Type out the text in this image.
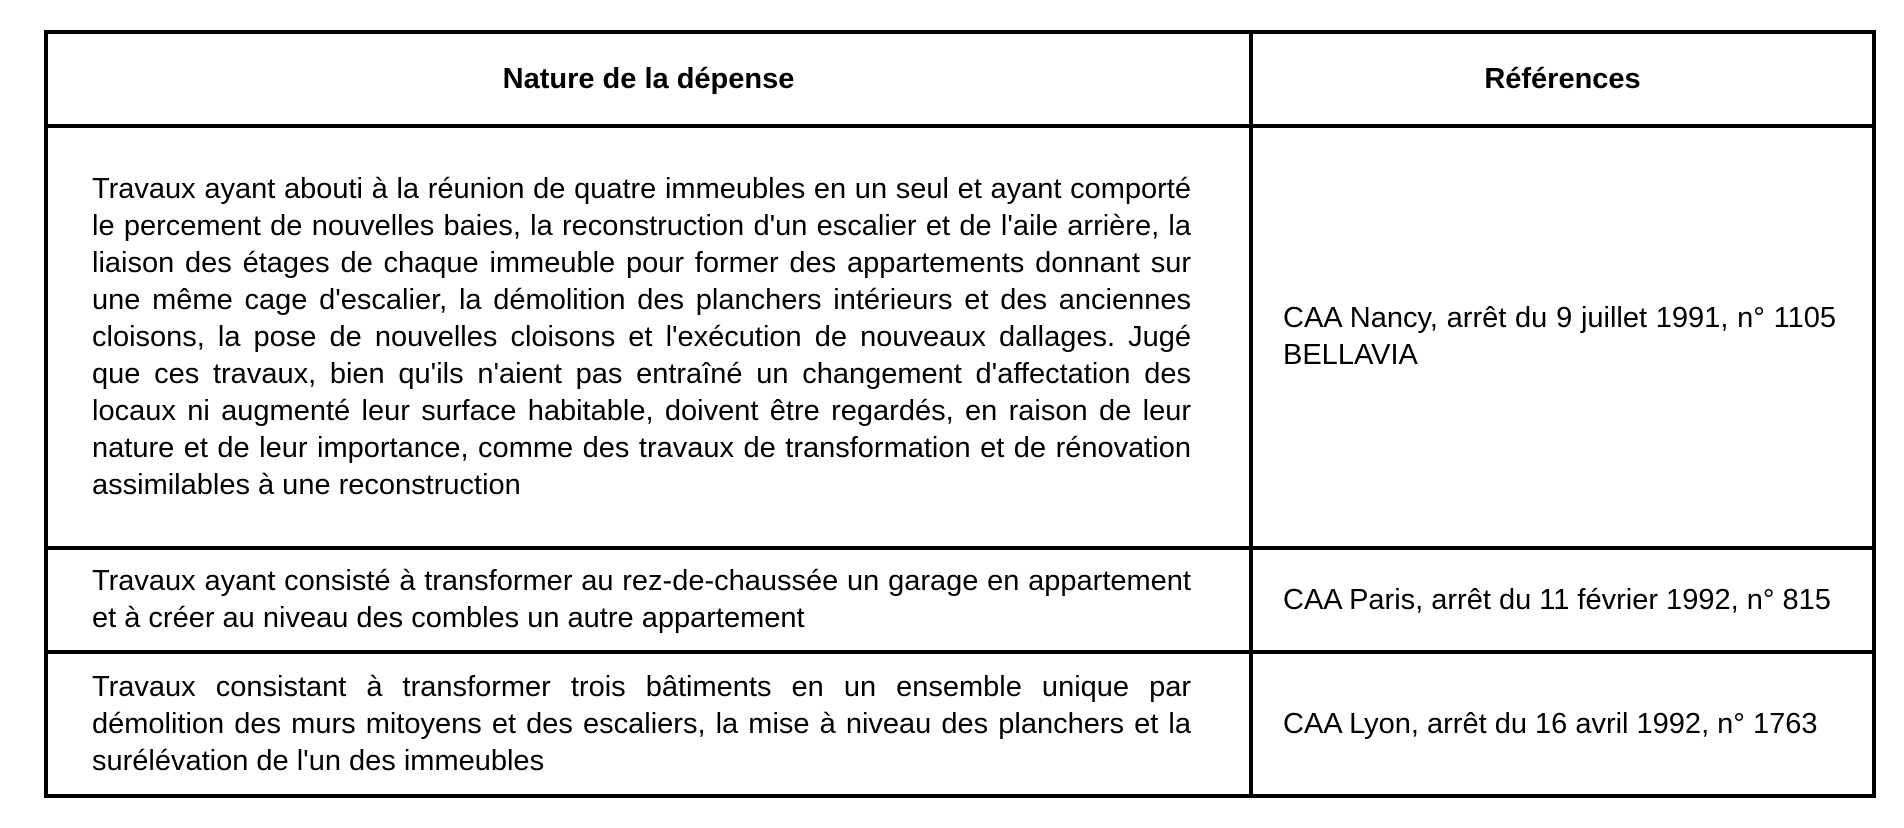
Nature de la dépense	Références
Travaux ayant abouti à la réunion de quatre immeubles en un seul et ayant comporté le percement de nouvelles baies, la reconstruction d'un escalier et de l'aile arrière, la liaison des étages de chaque immeuble pour former des appartements donnant sur une même cage d'escalier, la démolition des planchers intérieurs et des anciennes cloisons, la pose de nouvelles cloisons et l'exécution de nouveaux dallages. Jugé que ces travaux, bien qu'ils n'aient pas entraîné un changement d'affectation des locaux ni augmenté leur surface habitable, doivent être regardés, en raison de leur nature et de leur importance, comme des travaux de transformation et de rénovation assimilables à une reconstruction	CAA Nancy, arrêt du 9 juillet 1991, n° 1105 BELLAVIA
Travaux ayant consisté à transformer au rez-de-chaussée un garage en appartement et à créer au niveau des combles un autre appartement	CAA Paris, arrêt du 11 février 1992, n° 815
Travaux consistant à transformer trois bâtiments en un ensemble unique par démolition des murs mitoyens et des escaliers, la mise à niveau des planchers et la surélévation de l'un des immeubles	CAA Lyon, arrêt du 16 avril 1992, n° 1763
